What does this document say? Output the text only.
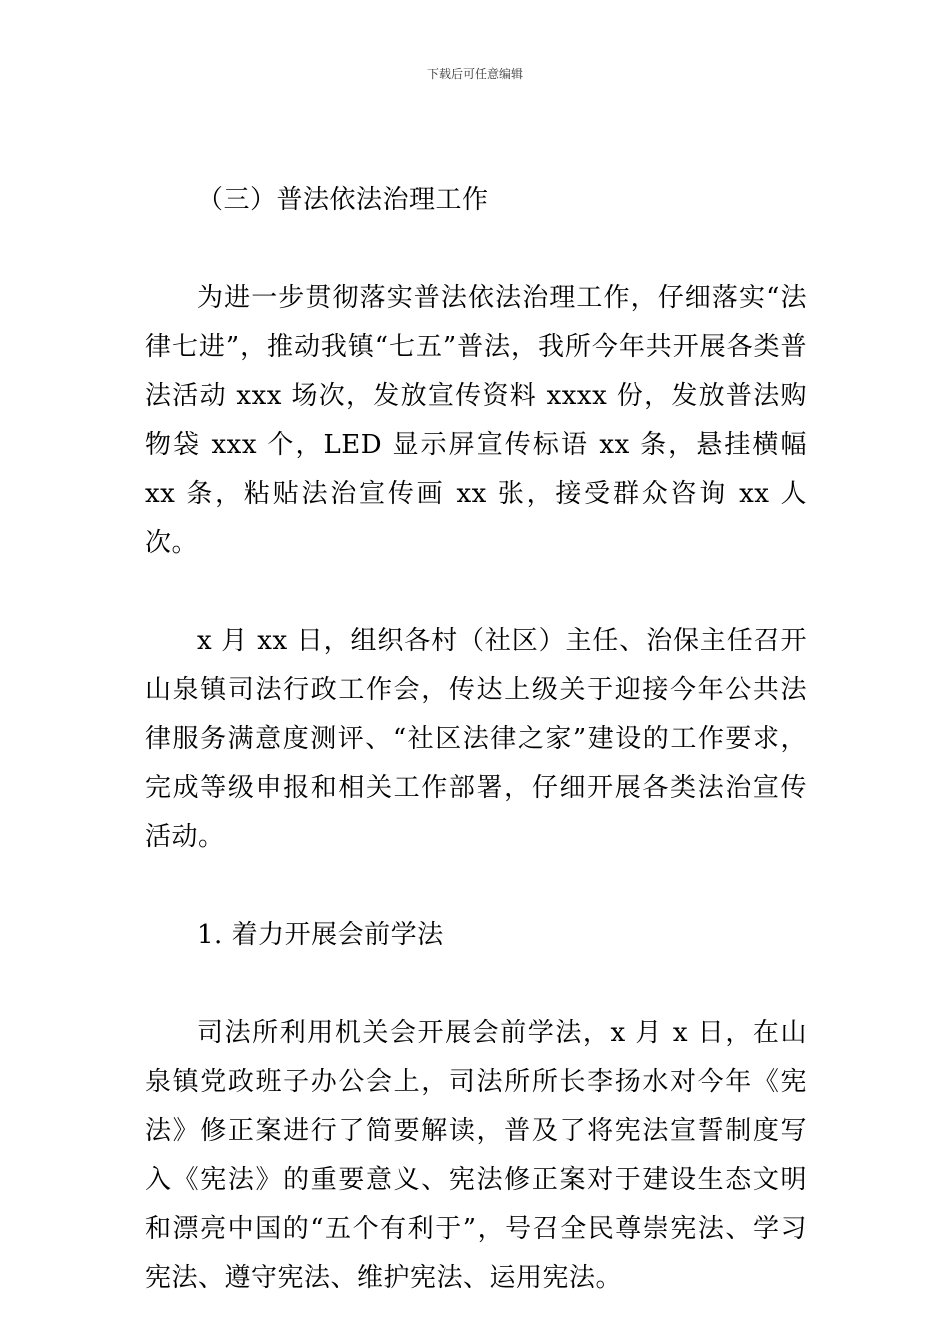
下载后可任意编辑

（三）普法依法治理工作

为进一步贯彻落实普法依法治理工作，仔细落实“法律七进”，推动我镇“七五”普法，我所今年共开展各类普法活动 xxx 场次，发放宣传资料 xxxx 份，发放普法购物袋 xxx 个，LED 显示屏宣传标语 xx 条，悬挂横幅 xx 条，粘贴法治宣传画 xx 张，接受群众咨询 xx 人次。

x 月 xx 日，组织各村（社区）主任、治保主任召开山泉镇司法行政工作会，传达上级关于迎接今年公共法律服务满意度测评、“社区法律之家”建设的工作要求，完成等级申报和相关工作部署，仔细开展各类法治宣传活动。

1. 着力开展会前学法

司法所利用机关会开展会前学法，x 月 x 日，在山泉镇党政班子办公会上，司法所所长李扬水对今年《宪法》修正案进行了简要解读，普及了将宪法宣誓制度写入《宪法》的重要意义、宪法修正案对于建设生态文明和漂亮中国的“五个有利于”，号召全民尊崇宪法、学习宪法、遵守宪法、维护宪法、运用宪法。
